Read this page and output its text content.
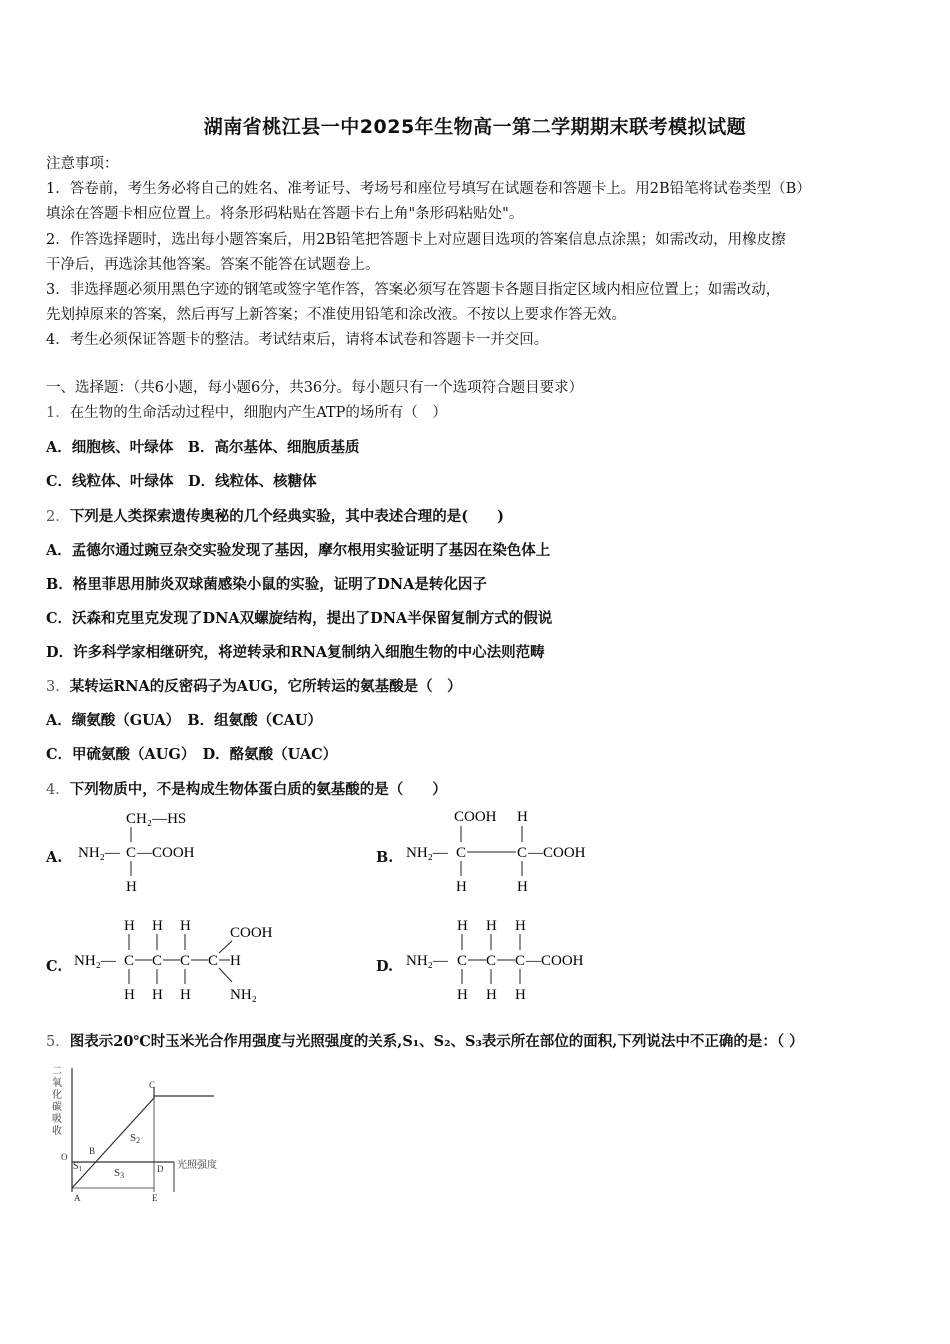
湖南省桃江县一中2025年生物高一第二学期期末联考模拟试题
注意事项：
1．答卷前，考生务必将自己的姓名、准考证号、考场号和座位号填写在试题卷和答题卡上。用2B铅笔将试卷类型（B）
填涂在答题卡相应位置上。将条形码粘贴在答题卡右上角"条形码粘贴处"。
2．作答选择题时，选出每小题答案后，用2B铅笔把答题卡上对应题目选项的答案信息点涂黑；如需改动，用橡皮擦
干净后，再选涂其他答案。答案不能答在试题卷上。
3．非选择题必须用黑色字迹的钢笔或签字笔作答，答案必须写在答题卡各题目指定区域内相应位置上；如需改动，
先划掉原来的答案，然后再写上新答案；不准使用铅笔和涂改液。不按以上要求作答无效。
4．考生必须保证答题卡的整洁。考试结束后，请将本试卷和答题卡一并交回。
一、选择题：（共6小题，每小题6分，共36分。每小题只有一个选项符合题目要求）
1．在生物的生命活动过程中，细胞内产生ATP的场所有（　）
A．细胞核、叶绿体　B．高尔基体、细胞质基质
C．线粒体、叶绿体　D．线粒体、核糖体
2．下列是人类探索遗传奥秘的几个经典实验，其中表述合理的是(　　)
A．孟德尔通过豌豆杂交实验发现了基因，摩尔根用实验证明了基因在染色体上
B．格里菲思用肺炎双球菌感染小鼠的实验，证明了DNA是转化因子
C．沃森和克里克发现了DNA双螺旋结构，提出了DNA半保留复制方式的假说
D．许多科学家相继研究，将逆转录和RNA复制纳入细胞生物的中心法则范畴
3．某转运RNA的反密码子为AUG，它所转运的氨基酸是（　）
A．缬氨酸（GUA）　B．组氨酸（CAU）
C．甲硫氨酸（AUG）　D．酪氨酸（UAC）
4．下列物质中，不是构成生物体蛋白质的氨基酸的是（　　）
A.	B.
C.	D.
CH₂—HS
NH₂— C —COOH
H
COOH H
NH₂— C	C —COOH
H	H
H H H	COOH
NH₂— C C C C H
H H H	NH₂
H H H
NH₂— C C C —COOH
H H H
5．图表示20℃时玉米光合作用强度与光照强度的关系,S₁、S₂、S₃表示所在部位的面积,下列说法中不正确的是：（ ）
二氧化碳吸收
O
A
B
C
D
E
$S_1$
S2
S3
光照强度
